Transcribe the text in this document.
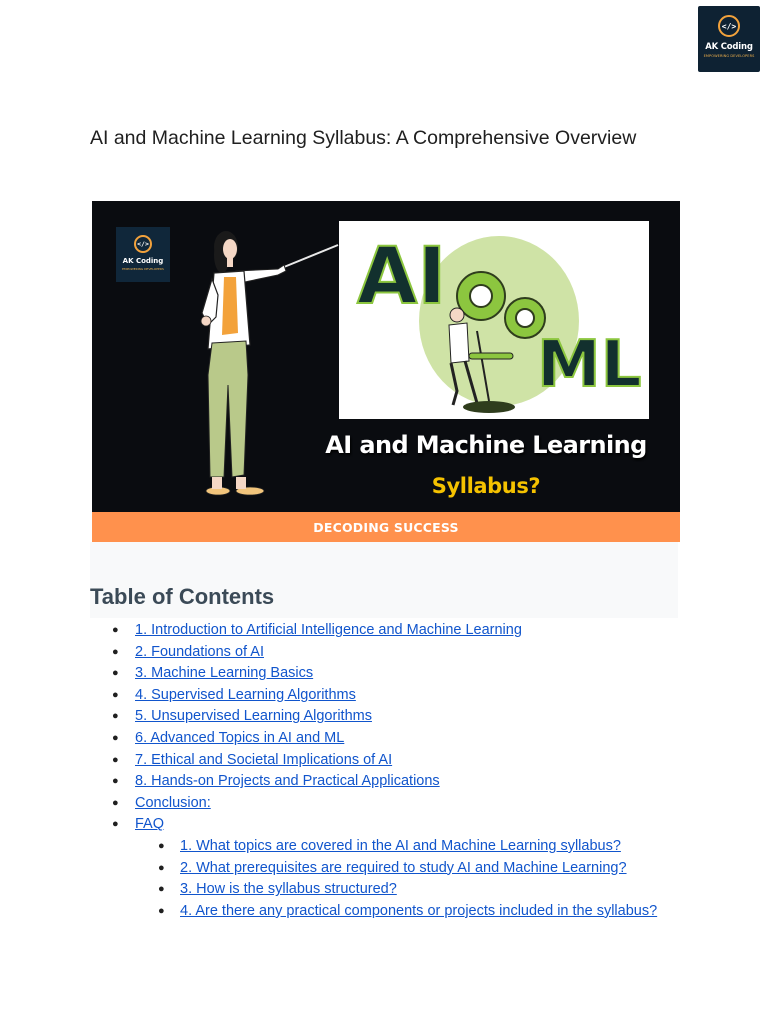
</>
AK Coding
EMPOWERING DEVELOPERS
AI and Machine Learning Syllabus: A Comprehensive Overview
</>
AK Coding
EMPOWERING DEVELOPERS AI
ML
AI and Machine Learning
Syllabus?
DECODING SUCCESS
Table of Contents
● 1. Introduction to Artificial Intelligence and Machine Learning
● 2. Foundations of AI
● 3. Machine Learning Basics
● 4. Supervised Learning Algorithms
● 5. Unsupervised Learning Algorithms
● 6. Advanced Topics in AI and ML
● 7. Ethical and Societal Implications of AI
● 8. Hands-on Projects and Practical Applications
● Conclusion:
● FAQ
● 1. What topics are covered in the AI and Machine Learning syllabus?
● 2. What prerequisites are required to study AI and Machine Learning?
● 3. How is the syllabus structured?
● 4. Are there any practical components or projects included in the syllabus?
